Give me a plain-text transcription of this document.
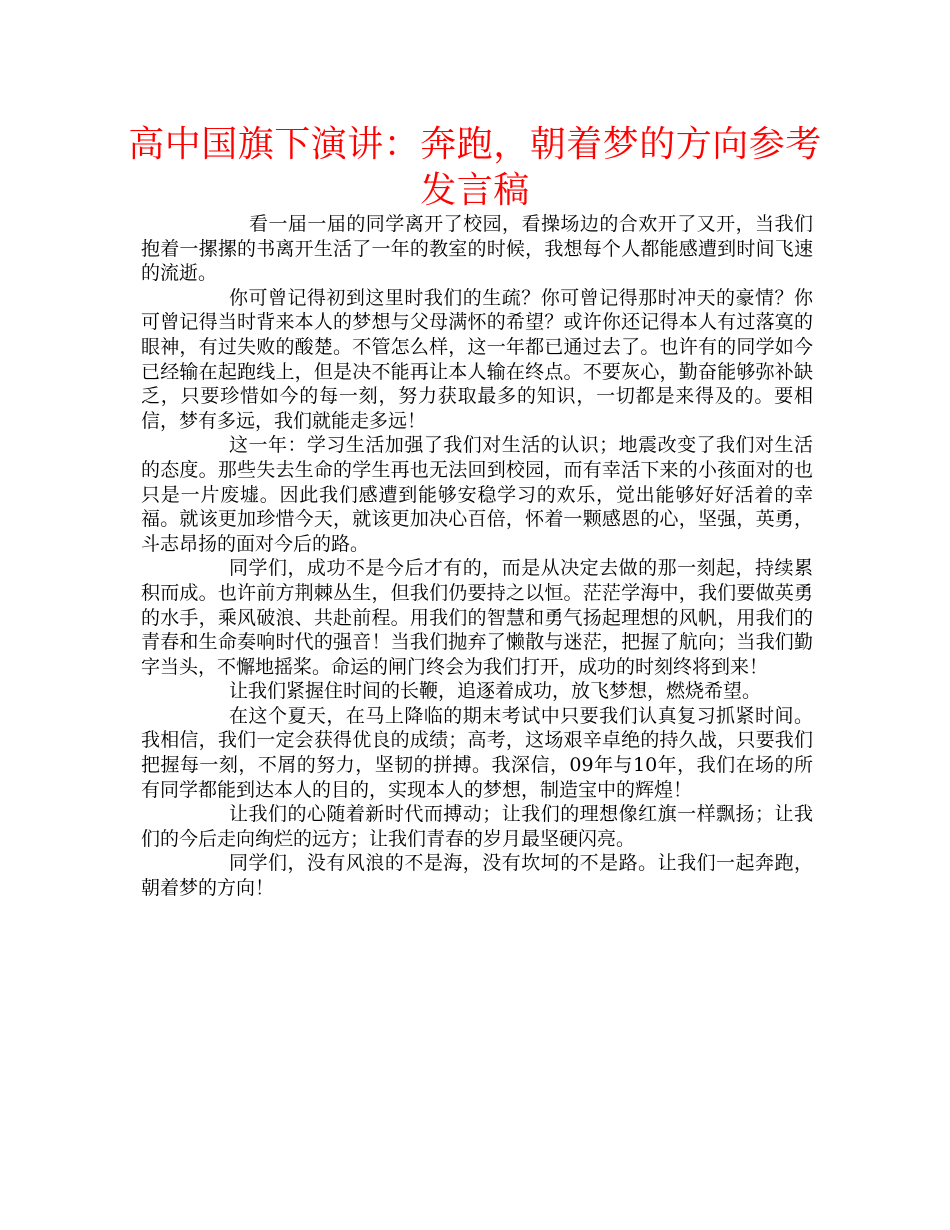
高中国旗下演讲：奔跑，朝着梦的方向参考发言稿

看一届一届的同学离开了校园，看操场边的合欢开了又开，当我们抱着一摞摞的书离开生活了一年的教室的时候，我想每个人都能感遭到时间飞速的流逝。

你可曾记得初到这里时我们的生疏？你可曾记得那时冲天的豪情？你可曾记得当时背来本人的梦想与父母满怀的希望？或许你还记得本人有过落寞的眼神，有过失败的酸楚。不管怎么样，这一年都已通过去了。也许有的同学如今已经输在起跑线上，但是决不能再让本人输在终点。不要灰心，勤奋能够弥补缺乏，只要珍惜如今的每一刻，努力获取最多的知识，一切都是来得及的。要相信，梦有多远，我们就能走多远！

这一年：学习生活加强了我们对生活的认识；地震改变了我们对生活的态度。那些失去生命的学生再也无法回到校园，而有幸活下来的小孩面对的也只是一片废墟。因此我们感遭到能够安稳学习的欢乐，觉出能够好好活着的幸福。就该更加珍惜今天，就该更加决心百倍，怀着一颗感恩的心，坚强，英勇，斗志昂扬的面对今后的路。

同学们，成功不是今后才有的，而是从决定去做的那一刻起，持续累积而成。也许前方荆棘丛生，但我们仍要持之以恒。茫茫学海中，我们要做英勇的水手，乘风破浪、共赴前程。用我们的智慧和勇气扬起理想的风帆，用我们的青春和生命奏响时代的强音！当我们抛弃了懒散与迷茫，把握了航向；当我们勤字当头，不懈地摇桨。命运的闸门终会为我们打开，成功的时刻终将到来！

让我们紧握住时间的长鞭，追逐着成功，放飞梦想，燃烧希望。

在这个夏天，在马上降临的期末考试中只要我们认真复习抓紧时间。我相信，我们一定会获得优良的成绩；高考，这场艰辛卓绝的持久战，只要我们把握每一刻，不屑的努力，坚韧的拼搏。我深信，09年与10年，我们在场的所有同学都能到达本人的目的，实现本人的梦想，制造宝中的辉煌！

让我们的心随着新时代而搏动；让我们的理想像红旗一样飘扬；让我们的今后走向绚烂的远方；让我们青春的岁月最坚硬闪亮。

同学们，没有风浪的不是海，没有坎坷的不是路。让我们一起奔跑，朝着梦的方向！
